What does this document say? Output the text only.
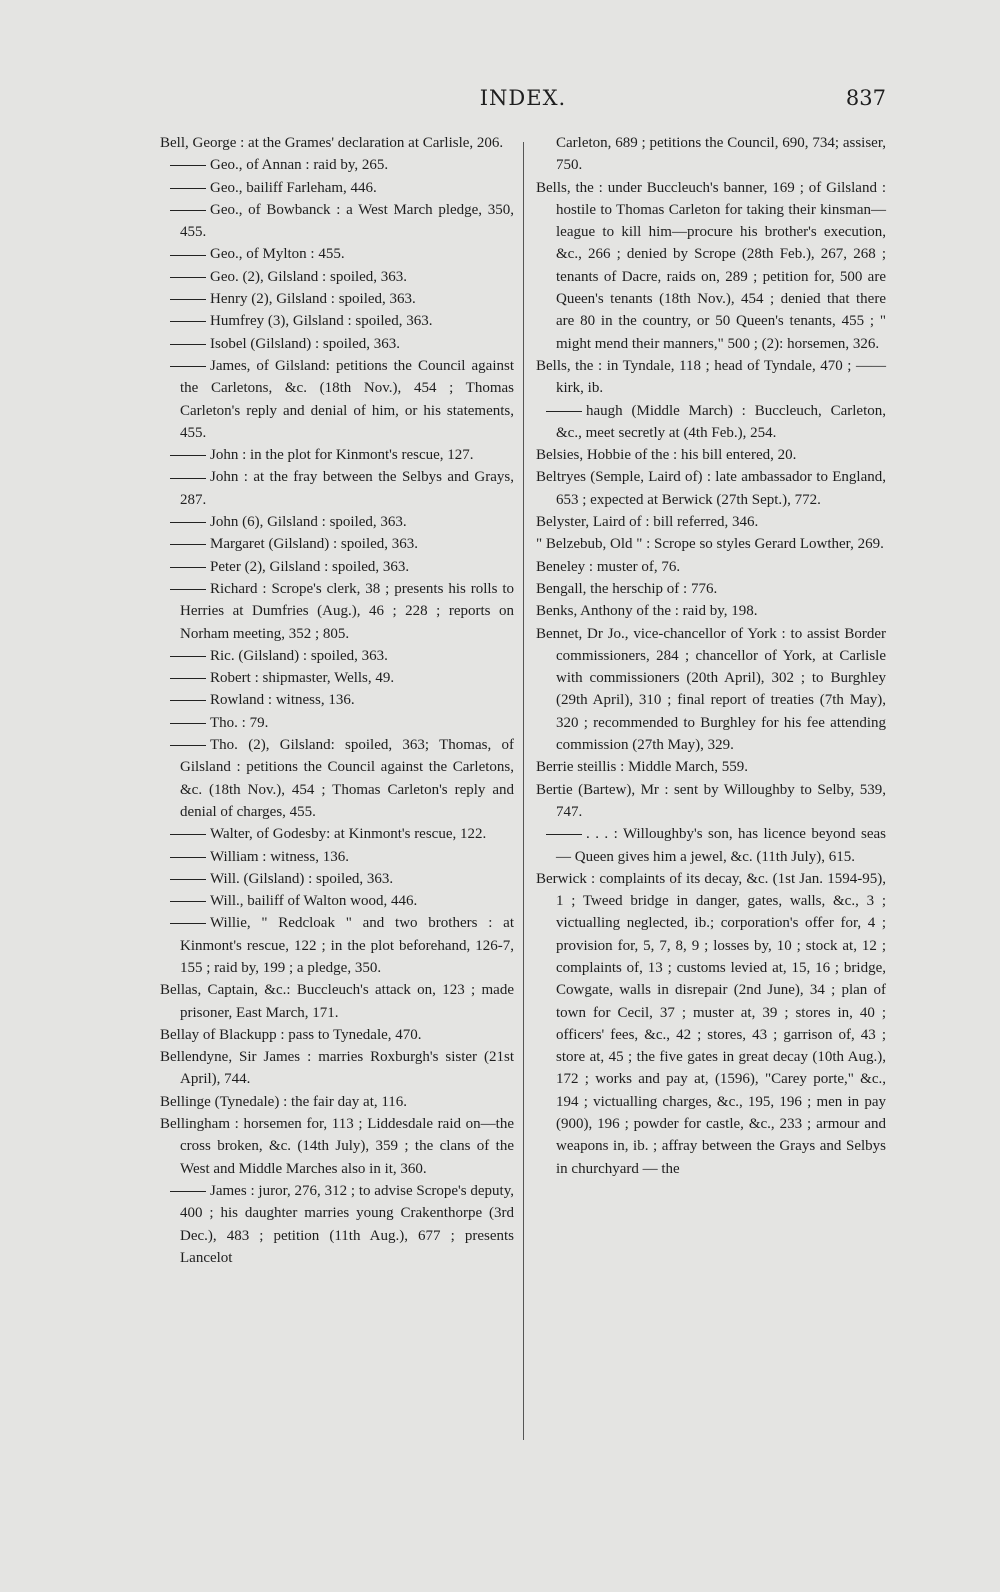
INDEX.	837

Bell, George : at the Grames' declaration at Carlisle, 206.

Geo., of Annan : raid by, 265.

Geo., bailiff Farleham, 446.

Geo., of Bowbanck : a West March pledge, 350, 455.

Geo., of Mylton : 455.

Geo. (2), Gilsland : spoiled, 363.

Henry (2), Gilsland : spoiled, 363.

Humfrey (3), Gilsland : spoiled, 363.

Isobel (Gilsland) : spoiled, 363.

James, of Gilsland: petitions the Council against the Carletons, &c. (18th Nov.), 454 ; Thomas Carleton's reply and denial of him, or his statements, 455.

John : in the plot for Kinmont's rescue, 127.

John : at the fray between the Selbys and Grays, 287.

John (6), Gilsland : spoiled, 363.

Margaret (Gilsland) : spoiled, 363.

Peter (2), Gilsland : spoiled, 363.

Richard : Scrope's clerk, 38 ; presents his rolls to Herries at Dumfries (Aug.), 46 ; 228 ; reports on Norham meeting, 352 ; 805.

Ric. (Gilsland) : spoiled, 363.

Robert : shipmaster, Wells, 49.

Rowland : witness, 136.

Tho. : 79.

Tho. (2), Gilsland: spoiled, 363; Thomas, of Gilsland : petitions the Council against the Carletons, &c. (18th Nov.), 454 ; Thomas Carleton's reply and denial of charges, 455.

Walter, of Godesby: at Kinmont's rescue, 122.

William : witness, 136.

Will. (Gilsland) : spoiled, 363.

Will., bailiff of Walton wood, 446.

Willie, " Redcloak " and two brothers : at Kinmont's rescue, 122 ; in the plot beforehand, 126-7, 155 ; raid by, 199 ; a pledge, 350.

Bellas, Captain, &c.: Buccleuch's attack on, 123 ; made prisoner, East March, 171.

Bellay of Blackupp : pass to Tynedale, 470.

Bellendyne, Sir James : marries Roxburgh's sister (21st April), 744.

Bellinge (Tynedale) : the fair day at, 116.

Bellingham : horsemen for, 113 ; Liddesdale raid on—the cross broken, &c. (14th July), 359 ; the clans of the West and Middle Marches also in it, 360.

James : juror, 276, 312 ; to advise Scrope's deputy, 400 ; his daughter marries young Crakenthorpe (3rd Dec.), 483 ; petition (11th Aug.), 677 ; presents Lancelot

Carleton, 689 ; petitions the Council, 690, 734; assiser, 750.

Bells, the : under Buccleuch's banner, 169 ; of Gilsland : hostile to Thomas Carleton for taking their kinsman—league to kill him—procure his brother's execution, &c., 266 ; denied by Scrope (28th Feb.), 267, 268 ; tenants of Dacre, raids on, 289 ; petition for, 500 are Queen's tenants (18th Nov.), 454 ; denied that there are 80 in the country, or 50 Queen's tenants, 455 ; " might mend their manners," 500 ; (2): horsemen, 326.

Bells, the : in Tyndale, 118 ; head of Tyndale, 470 ; —— kirk, ib.

haugh (Middle March) : Buccleuch, Carleton, &c., meet secretly at (4th Feb.), 254.

Belsies, Hobbie of the : his bill entered, 20.

Beltryes (Semple, Laird of) : late ambassador to England, 653 ; expected at Berwick (27th Sept.), 772.

Belyster, Laird of : bill referred, 346.

" Belzebub, Old " : Scrope so styles Gerard Lowther, 269.

Beneley : muster of, 76.

Bengall, the herschip of : 776.

Benks, Anthony of the : raid by, 198.

Bennet, Dr Jo., vice-chancellor of York : to assist Border commissioners, 284 ; chancellor of York, at Carlisle with commissioners (20th April), 302 ; to Burghley (29th April), 310 ; final report of treaties (7th May), 320 ; recommended to Burghley for his fee attending commission (27th May), 329.

Berrie steillis : Middle March, 559.

Bertie (Bartew), Mr : sent by Willoughby to Selby, 539, 747.

. . . : Willoughby's son, has licence beyond seas — Queen gives him a jewel, &c. (11th July), 615.

Berwick : complaints of its decay, &c. (1st Jan. 1594-95), 1 ; Tweed bridge in danger, gates, walls, &c., 3 ; victualling neglected, ib.; corporation's offer for, 4 ; provision for, 5, 7, 8, 9 ; losses by, 10 ; stock at, 12 ; complaints of, 13 ; customs levied at, 15, 16 ; bridge, Cowgate, walls in disrepair (2nd June), 34 ; plan of town for Cecil, 37 ; muster at, 39 ; stores in, 40 ; officers' fees, &c., 42 ; stores, 43 ; garrison of, 43 ; store at, 45 ; the five gates in great decay (10th Aug.), 172 ; works and pay at, (1596), "Carey porte," &c., 194 ; victualling charges, &c., 195, 196 ; men in pay (900), 196 ; powder for castle, &c., 233 ; armour and weapons in, ib. ; affray between the Grays and Selbys in churchyard — the
